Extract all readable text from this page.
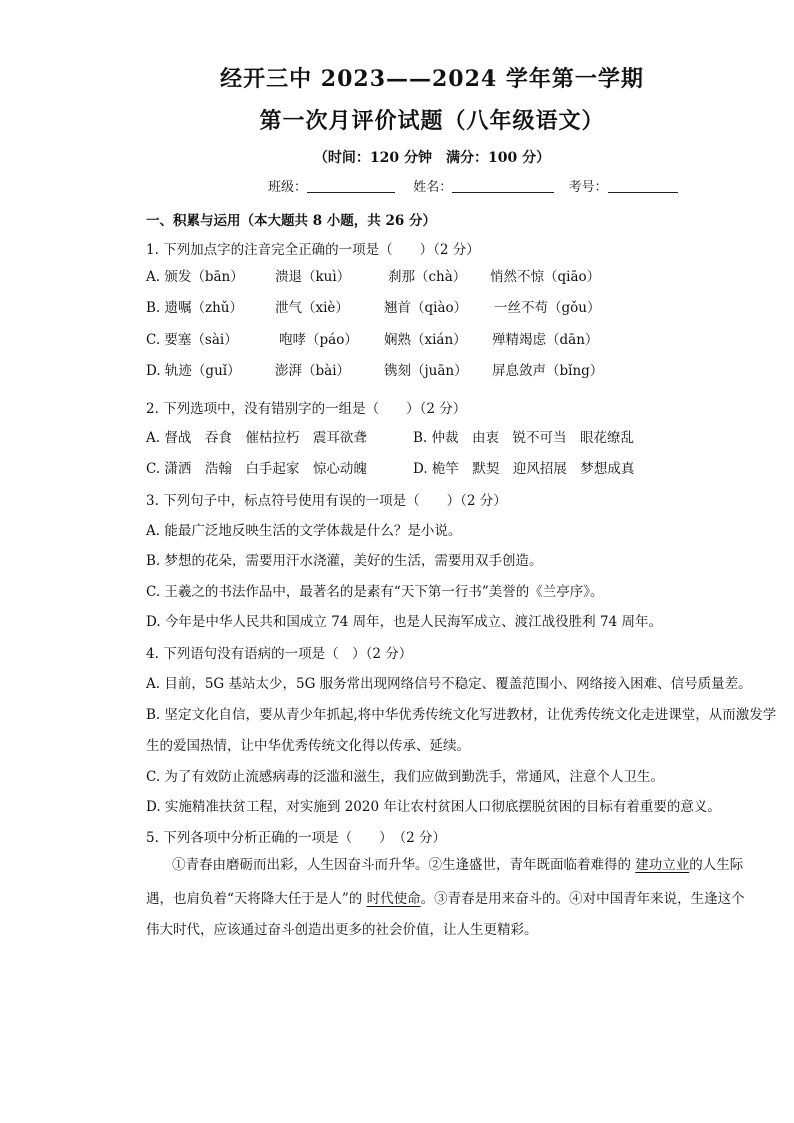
经开三中 2023——2024 学年第一学期
第一次月评价试题（八年级语文）
（时间：120 分钟　满分：100 分）
班级：	姓名：	考号：
一、积累与运用（本大题共 8 小题，共 26 分）
1. 下列加点字的注音完全正确的一项是（　　）（2 分）
A. 颁发（bān） 溃退（kuì）	刹那（chà） 悄然不惊（qiāo）
B. 遗嘱（zhǔ） 泄气（xiè）	翘首（qiào） 一丝不苟（gǒu）
C. 要塞（sài）	咆哮（páo） 娴熟（xián） 殚精竭虑（dān）
D. 轨迹（guǐ）	澎湃（bài）	镌刻（juān） 屏息敛声（bǐng）
2. 下列选项中，没有错别字的一组是（　　）（2 分）
A. 督战　吞食　催枯拉朽　震耳欲聋	B. 仲裁　由衷　锐不可当　眼花缭乱
C. 潇洒　浩翰　白手起家　惊心动魄	D. 桅竿　默契　迎风招展　梦想成真
3. 下列句子中，标点符号使用有误的一项是（　　）（2 分）
A. 能最广泛地反映生活的文学体裁是什么？是小说。
B. 梦想的花朵，需要用汗水浇灌，美好的生活，需要用双手创造。
C. 王羲之的书法作品中，最著名的是素有“天下第一行书”美誉的《兰亭序》。
D. 今年是中华人民共和国成立 74 周年，也是人民海军成立、渡江战役胜利 74 周年。
4. 下列语句没有语病的一项是（　）（2 分）
A. 目前，5G 基站太少，5G 服务常出现网络信号不稳定、覆盖范围小、网络接入困难、信号质量差。
B. 坚定文化自信，要从青少年抓起,将中华优秀传统文化写进教材，让优秀传统文化走进课堂，从而激发学
生的爱国热情，让中华优秀传统文化得以传承、延续。
C. 为了有效防止流感病毒的泛滥和滋生，我们应做到勤洗手，常通风，注意个人卫生。
D. 实施精准扶贫工程，对实施到 2020 年让农村贫困人口彻底摆脱贫困的目标有着重要的意义。
5. 下列各项中分析正确的一项是（　　）　（2 分）
①青春由磨砺而出彩，人生因奋斗而升华。②生逢盛世，青年既面临着难得的 建功立业的人生际
遇，也肩负着“天将降大任于是人”的 时代使命。③青春是用来奋斗的。④对中国青年来说，生逢这个
伟大时代，应该通过奋斗创造出更多的社会价值，让人生更精彩。
